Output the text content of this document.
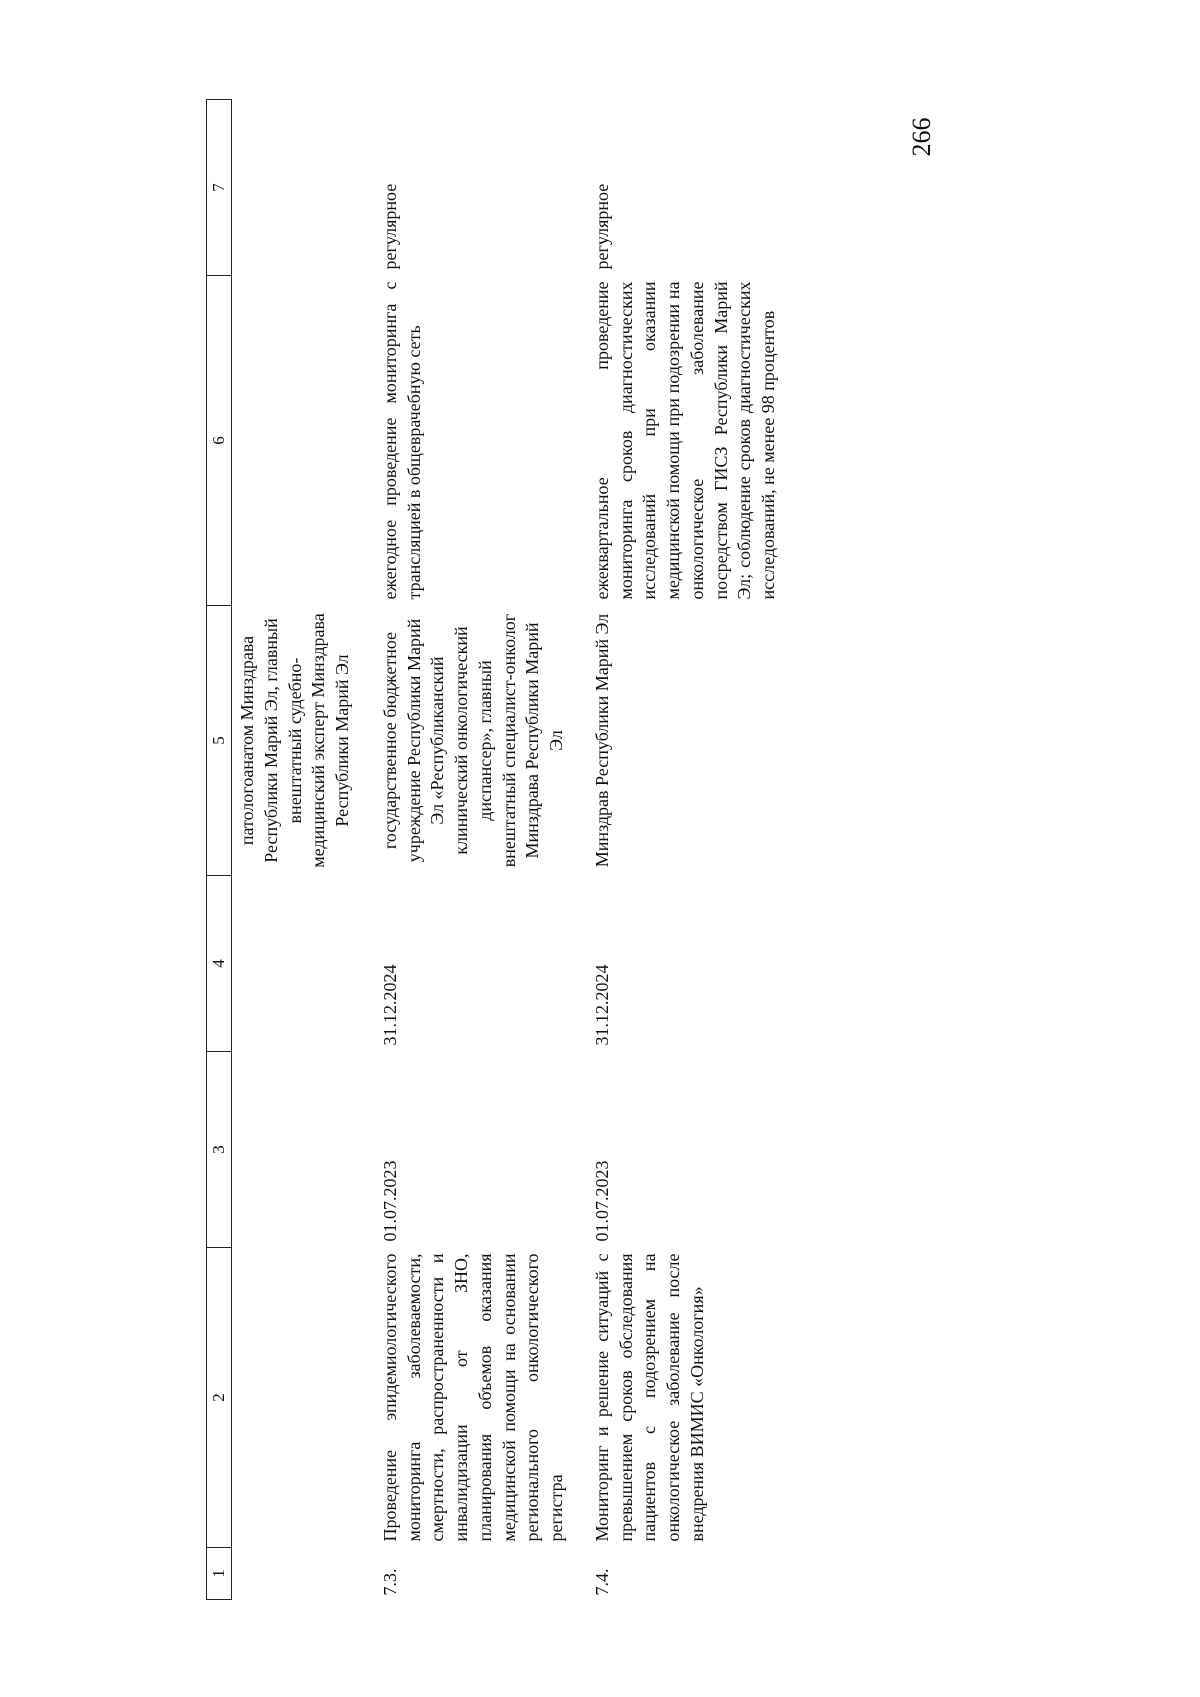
266
1	2	3	4	5	6	7
				патологоанатом Минздрава Республики Марий Эл, главный внештатный судебно-медицинский эксперт Минздрава Республики Марий Эл		
7.3.	Проведение эпидемиологического мониторинга заболеваемости, смертности, распространенности и инвалидизации от ЗНО, планирования объемов оказания медицинской помощи на основании регионального онкологического регистра	01.07.2023	31.12.2024	государственное бюджетное учреждение Республики Марий Эл «Республиканский клинический онкологический диспансер», главный внештатный специалист-онколог Минздрава Республики Марий Эл	ежегодное проведение мониторинга с трансляцией в общеврачебную сеть	регулярное
7.4.	Мониторинг и решение ситуаций с превышением сроков обследования пациентов с подозрением на онкологическое заболевание после внедрения ВИМИС «Онкология»	01.07.2023	31.12.2024	Минздрав Республики Марий Эл	ежеквартальное проведение мониторинга сроков диагностических исследований при оказании медицинской помощи при подозрении на онкологическое заболевание посредством ГИСЗ Республики Марий Эл; соблюдение сроков диагностических исследований, не менее 98 процентов	регулярное
